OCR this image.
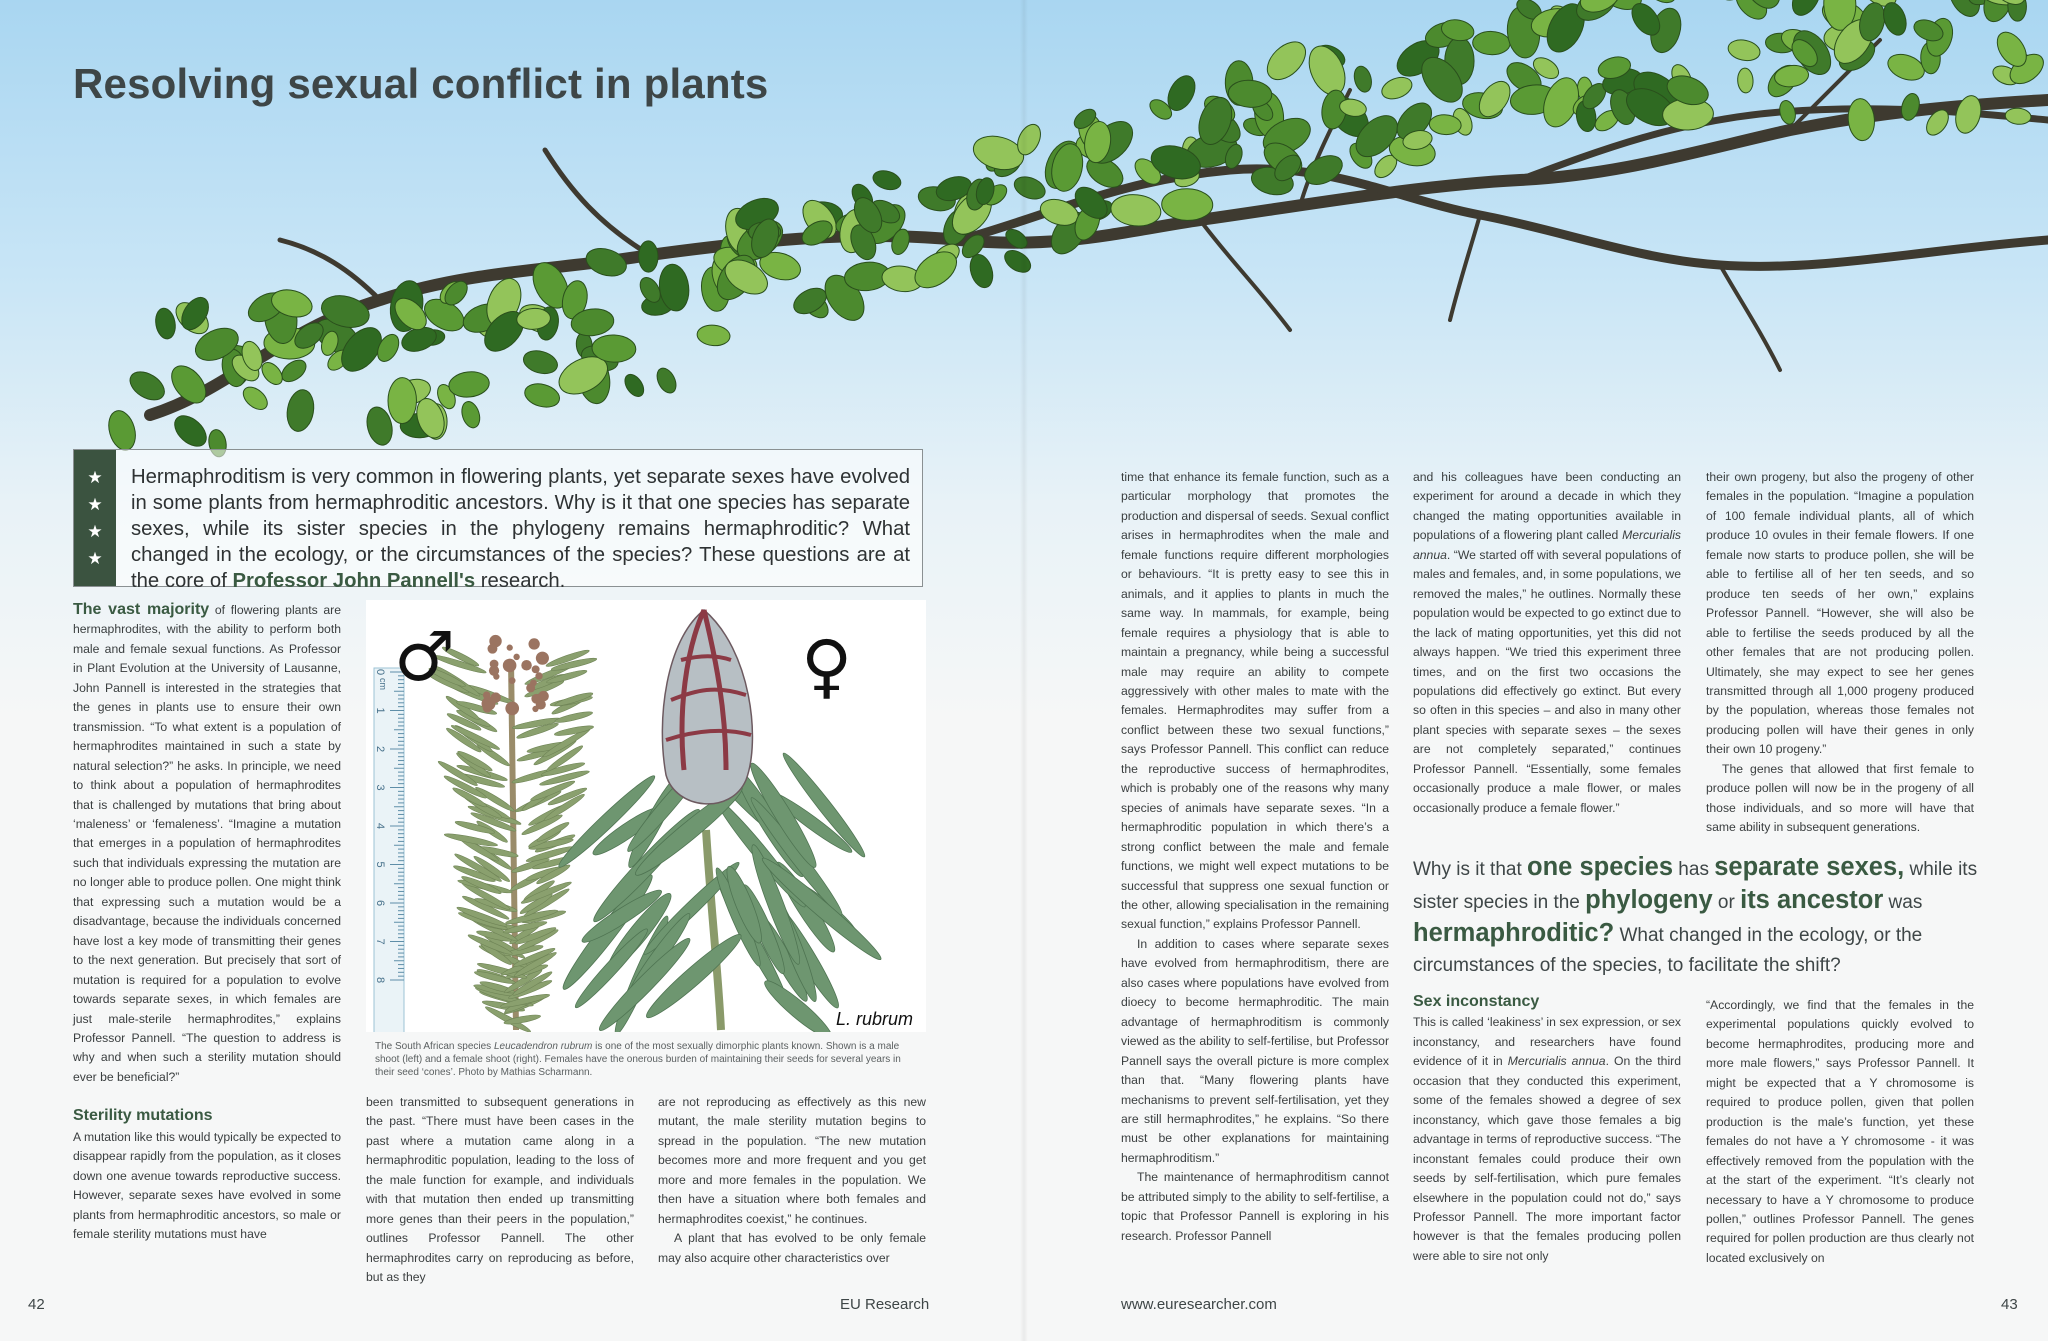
Resolving sexual conflict in plants
★
★
★
★

Hermaphroditism is very common in flowering plants, yet separate sexes have evolved in some plants from hermaphroditic ancestors. Why is it that one species has separate sexes, while its sister species in the phylogeny remains hermaphroditic? What changed in the ecology, or the circumstances of the species? These questions are at the core of Professor John Pannell's research.

The vast majority of flowering plants are hermaphrodites, with the ability to perform both male and female sexual functions. As Professor in Plant Evolution at the University of Lausanne, John Pannell is interested in the strategies that the genes in plants use to ensure their own transmission. “To what extent is a population of hermaphrodites maintained in such a state by natural selection?” he asks. In principle, we need to think about a population of hermaphrodites that is challenged by mutations that bring about ‘maleness’ or ‘femaleness’. “Imagine a mutation that emerges in a population of hermaphrodites such that individuals expressing the mutation are no longer able to produce pollen. One might think that expressing such a mutation would be a disadvantage, because the individuals concerned have lost a key mode of transmitting their genes to the next generation. But precisely that sort of mutation is required for a population to evolve towards separate sexes, in which females are just male-sterile hermaphrodites,” explains Professor Pannell. “The question to address is why and when such a sterility mutation should ever be beneficial?”

Sterility mutations

A mutation like this would typically be expected to disappear rapidly from the population, as it closes down one avenue towards reproductive success. However, separate sexes have evolved in some plants from hermaphroditic ancestors, so male or female sterility mutations must have

0
1
2
3
4
5
6
7
8
♂	♀
L. rubrum
cm
The South African species Leucadendron rubrum is one of the most sexually dimorphic plants known. Shown is a male shoot (left) and a female shoot (right). Females have the onerous burden of maintaining their seeds for several years in their seed ‘cones’. Photo by Mathias Scharmann.

been transmitted to subsequent generations in the past. “There must have been cases in the past where a mutation came along in a hermaphroditic population, leading to the loss of the male function for example, and individuals with that mutation then ended up transmitting more genes than their peers in the population,” outlines Professor Pannell. The other hermaphrodites carry on reproducing as before, but as they

are not reproducing as effectively as this new mutant, the male sterility mutation begins to spread in the population. “The new mutation becomes more and more frequent and you get more and more females in the population. We then have a situation where both females and hermaphrodites coexist,” he continues.

A plant that has evolved to be only female may also acquire other characteristics over

time that enhance its female function, such as a particular morphology that promotes the production and dispersal of seeds. Sexual conflict arises in hermaphrodites when the male and female functions require different morphologies or behaviours. “It is pretty easy to see this in animals, and it applies to plants in much the same way. In mammals, for example, being female requires a physiology that is able to maintain a pregnancy, while being a successful male may require an ability to compete aggressively with other males to mate with the females. Hermaphrodites may suffer from a conflict between these two sexual functions,” says Professor Pannell. This conflict can reduce the reproductive success of hermaphrodites, which is probably one of the reasons why many species of animals have separate sexes. “In a hermaphroditic population in which there’s a strong conflict between the male and female functions, we might well expect mutations to be successful that suppress one sexual function or the other, allowing specialisation in the remaining sexual function,” explains Professor Pannell.

In addition to cases where separate sexes have evolved from hermaphroditism, there are also cases where populations have evolved from dioecy to become hermaphroditic. The main advantage of hermaphroditism is commonly viewed as the ability to self-fertilise, but Professor Pannell says the overall picture is more complex than that. “Many flowering plants have mechanisms to prevent self-fertilisation, yet they are still hermaphrodites,” he explains. “So there must be other explanations for maintaining hermaphroditism.”

The maintenance of hermaphroditism cannot be attributed simply to the ability to self-fertilise, a topic that Professor Pannell is exploring in his research. Professor Pannell

and his colleagues have been conducting an experiment for around a decade in which they changed the mating opportunities available in populations of a flowering plant called Mercurialis annua. “We started off with several populations of males and females, and, in some populations, we removed the males,” he outlines. Normally these population would be expected to go extinct due to the lack of mating opportunities, yet this did not always happen. “We tried this experiment three times, and on the first two occasions the populations did effectively go extinct. But every so often in this species – and also in many other plant species with separate sexes – the sexes are not completely separated,” continues Professor Pannell. “Essentially, some females occasionally produce a male flower, or males occasionally produce a female flower.”

their own progeny, but also the progeny of other females in the population. “Imagine a population of 100 female individual plants, all of which produce 10 ovules in their female flowers. If one female now starts to produce pollen, she will be able to fertilise all of her ten seeds, and so produce ten seeds of her own,” explains Professor Pannell. “However, she will also be able to fertilise the seeds produced by all the other females that are not producing pollen. Ultimately, she may expect to see her genes transmitted through all 1,000 progeny produced by the population, whereas those females not producing pollen will have their genes in only their own 10 progeny.”

The genes that allowed that first female to produce pollen will now be in the progeny of all those individuals, and so more will have that same ability in subsequent generations.

Why is it that one species has separate sexes, while its sister species in the phylogeny or its ancestor was hermaphroditic? What changed in the ecology, or the circumstances of the species, to facilitate the shift?
Sex inconstancy

This is called ‘leakiness’ in sex expression, or sex inconstancy, and researchers have found evidence of it in Mercurialis annua. On the third occasion that they conducted this experiment, some of the females showed a degree of sex inconstancy, which gave those females a big advantage in terms of reproductive success. “The inconstant females could produce their own seeds by self-fertilisation, which pure females elsewhere in the population could not do,” says Professor Pannell. The more important factor however is that the females producing pollen were able to sire not only

“Accordingly, we find that the females in the experimental populations quickly evolved to become hermaphrodites, producing more and more male flowers,” says Professor Pannell. It might be expected that a Y chromosome is required to produce pollen, given that pollen production is the male’s function, yet these females do not have a Y chromosome - it was effectively removed from the population with the at the start of the experiment. “It’s clearly not necessary to have a Y chromosome to produce pollen,” outlines Professor Pannell. The genes required for pollen production are thus clearly not located exclusively on

42	EU Research	www.euresearcher.com	43
